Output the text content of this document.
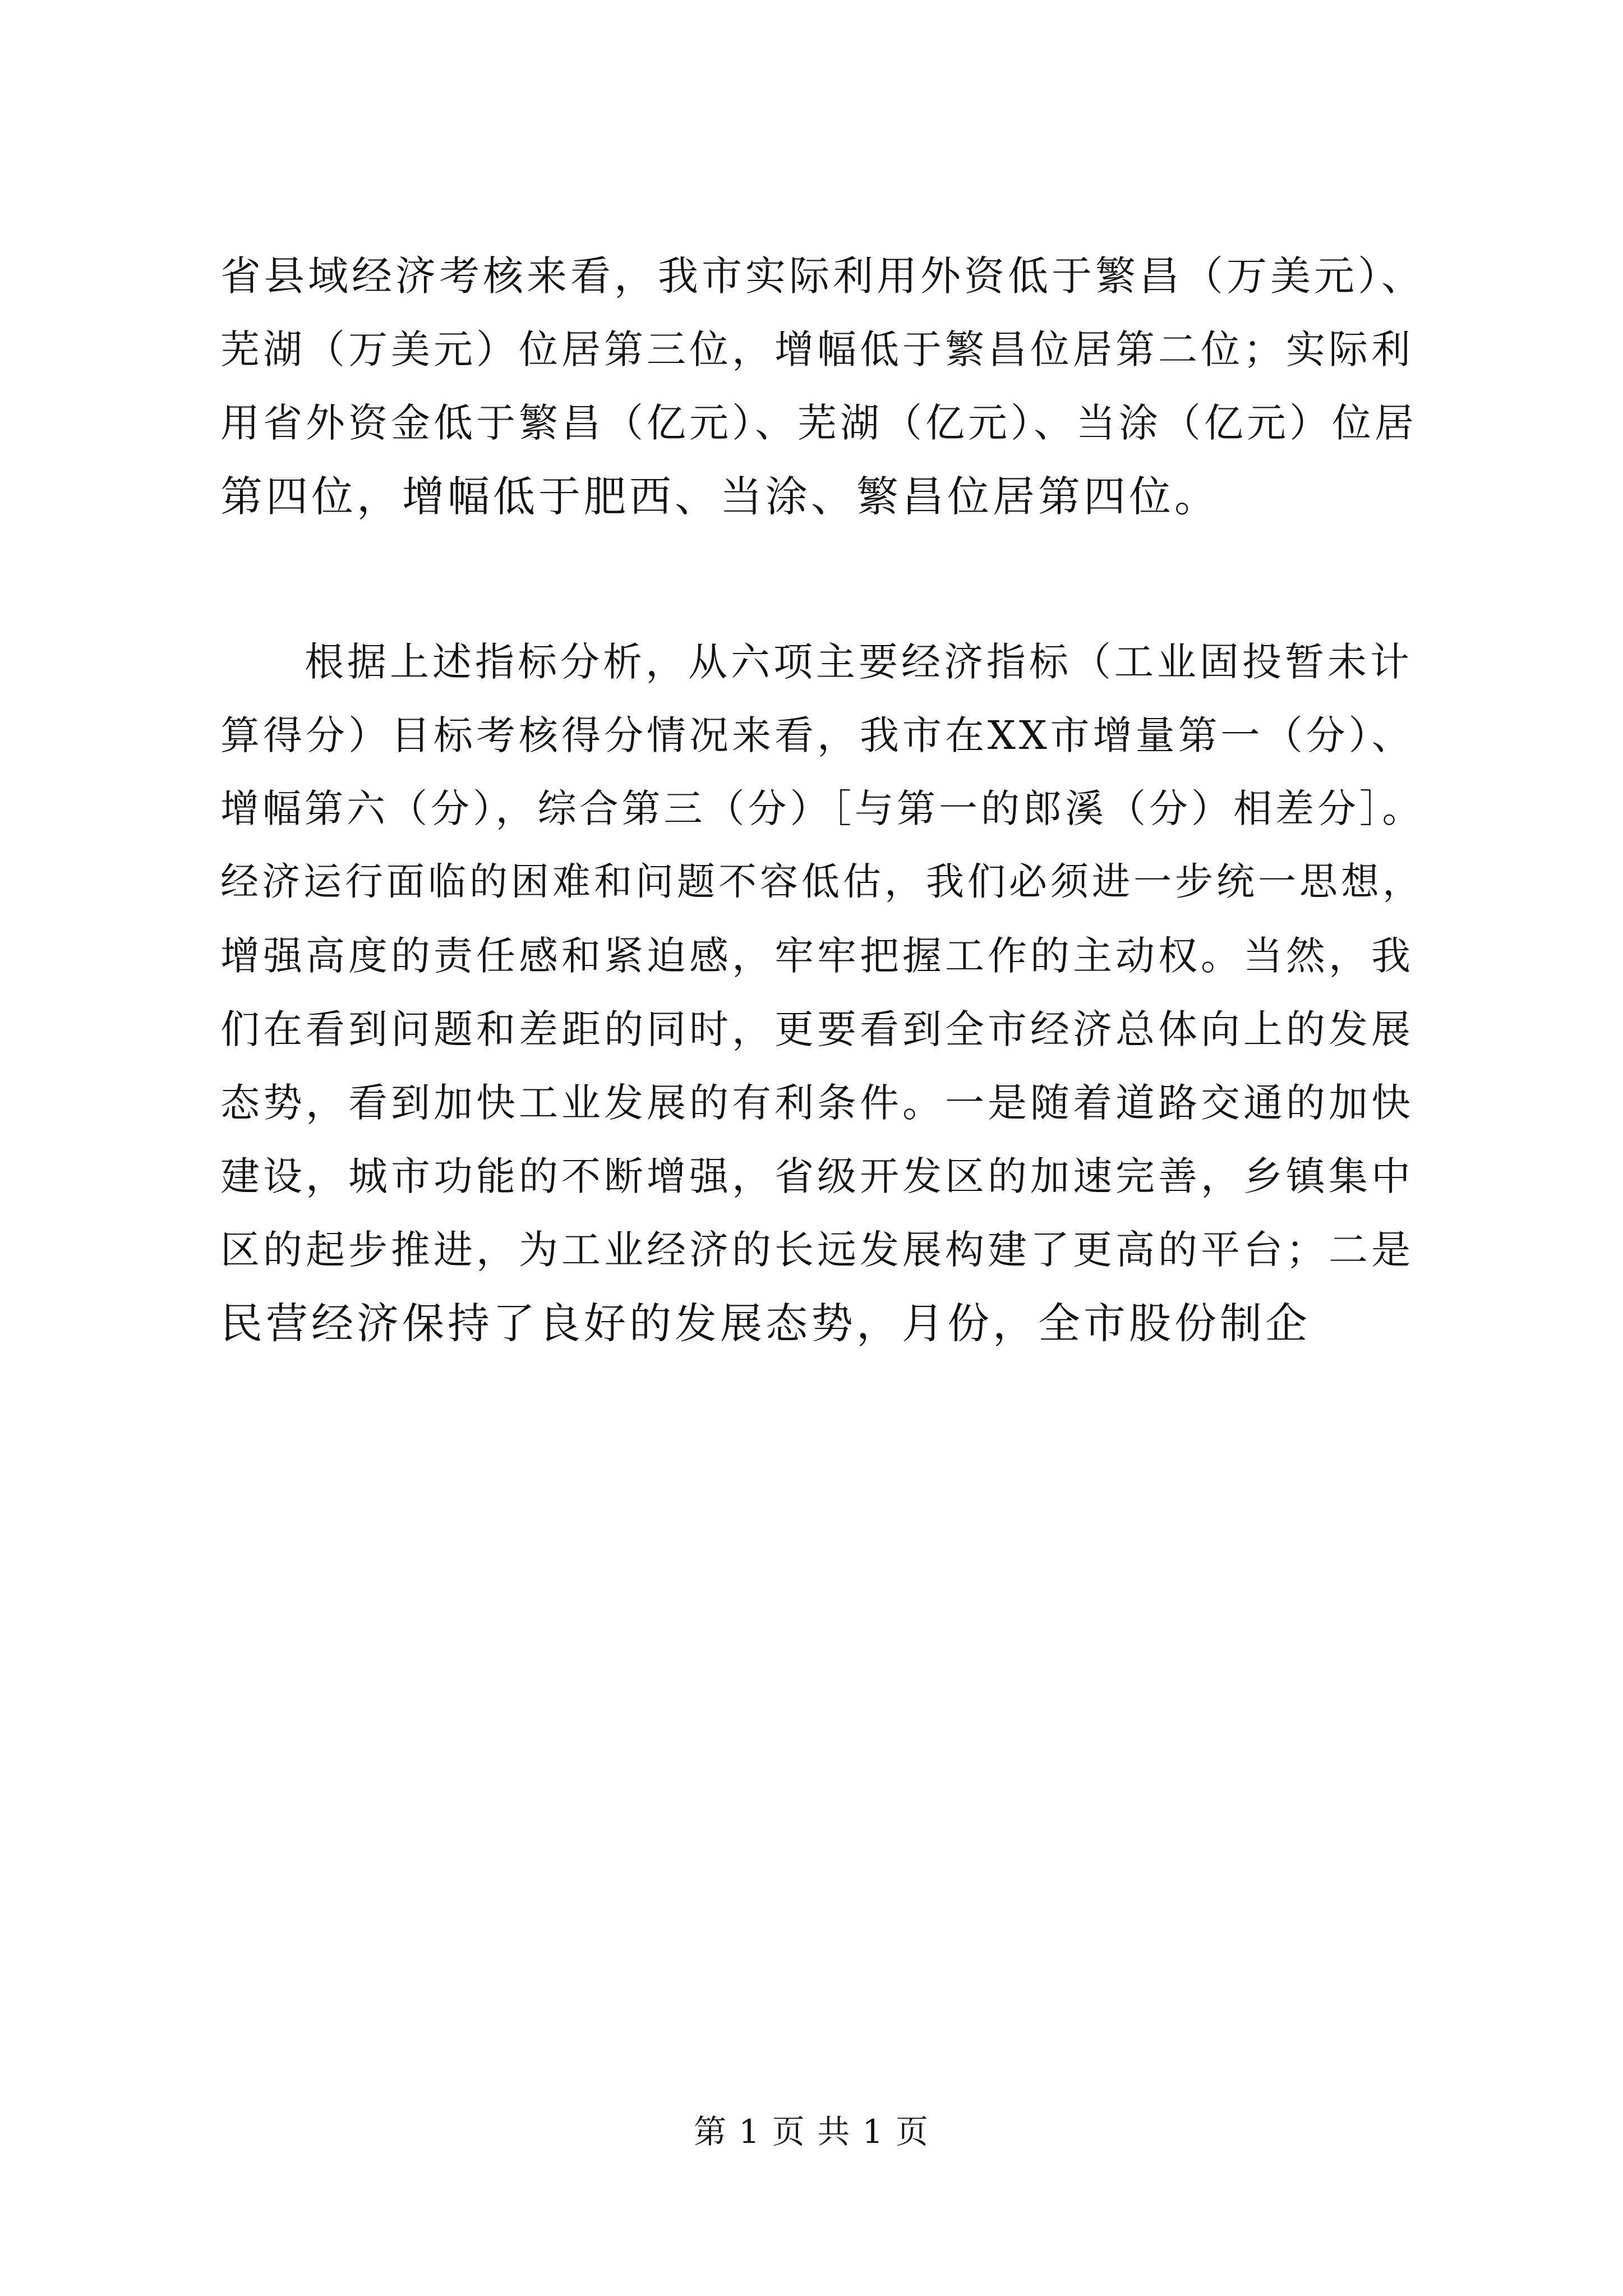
省县域经济考核来看，我市实际利用外资低于繁昌（万美元）、
芜湖（万美元）位居第三位，增幅低于繁昌位居第二位；实际利
用省外资金低于繁昌（亿元）、芜湖（亿元）、当涂（亿元）位居
第四位，增幅低于肥西、当涂、繁昌位居第四位。
根据上述指标分析，从六项主要经济指标（工业固投暂未计
算得分）目标考核得分情况来看，我市在XX市增量第一（分）、
增幅第六（分），综合第三（分）［与第一的郎溪（分）相差分］。
经济运行面临的困难和问题不容低估，我们必须进一步统一思想，
增强高度的责任感和紧迫感，牢牢把握工作的主动权。当然，我
们在看到问题和差距的同时，更要看到全市经济总体向上的发展
态势，看到加快工业发展的有利条件。一是随着道路交通的加快
建设，城市功能的不断增强，省级开发区的加速完善，乡镇集中
区的起步推进，为工业经济的长远发展构建了更高的平台；二是
民营经济保持了良好的发展态势，月份，全市股份制企
第 1 页 共 1 页
